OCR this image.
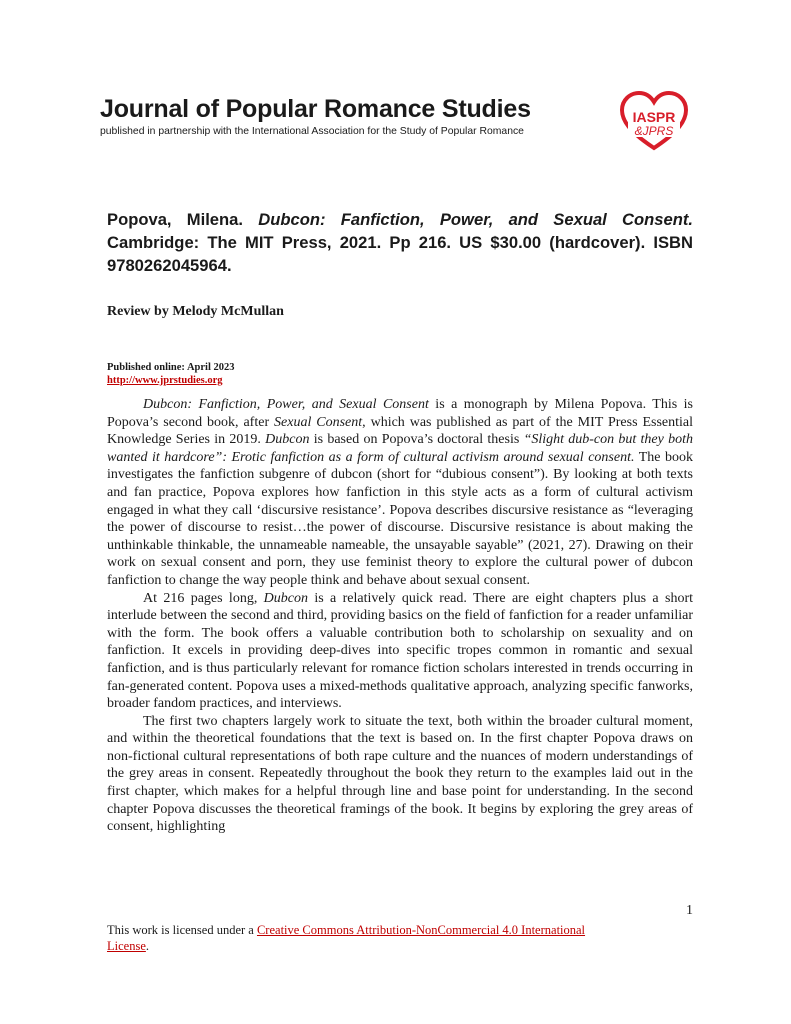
Journal of Popular Romance Studies
published in partnership with the International Association for the Study of Popular Romance
IASPR
&JPRS

Popova, Milena. Dubcon: Fanfiction, Power, and Sexual Consent. Cambridge: The MIT Press, 2021. Pp 216. US $30.00 (hardcover). ISBN 9780262045964.

Review by Melody McMullan
Published online: April 2023
http://www.jprstudies.org

Dubcon: Fanfiction, Power, and Sexual Consent is a monograph by Milena Popova. This is Popova’s second book, after Sexual Consent, which was published as part of the MIT Press Essential Knowledge Series in 2019. Dubcon is based on Popova’s doctoral thesis “Slight dub-con but they both wanted it hardcore”: Erotic fanfiction as a form of cultural activism around sexual consent. The book investigates the fanfiction subgenre of dubcon (short for “dubious consent”). By looking at both texts and fan practice, Popova explores how fanfiction in this style acts as a form of cultural activism engaged in what they call ‘discursive resistance’. Popova describes discursive resistance as “leveraging the power of discourse to resist…the power of discourse. Discursive resistance is about making the unthinkable thinkable, the unnameable nameable, the unsayable sayable” (2021, 27). Drawing on their work on sexual consent and porn, they use feminist theory to explore the cultural power of dubcon fanfiction to change the way people think and behave about sexual consent.

At 216 pages long, Dubcon is a relatively quick read. There are eight chapters plus a short interlude between the second and third, providing basics on the field of fanfiction for a reader unfamiliar with the form. The book offers a valuable contribution both to scholarship on sexuality and on fanfiction. It excels in providing deep-dives into specific tropes common in romantic and sexual fanfiction, and is thus particularly relevant for romance fiction scholars interested in trends occurring in fan-generated content. Popova uses a mixed-methods qualitative approach, analyzing specific fanworks, broader fandom practices, and interviews.

The first two chapters largely work to situate the text, both within the broader cultural moment, and within the theoretical foundations that the text is based on. In the first chapter Popova draws on non-fictional cultural representations of both rape culture and the nuances of modern understandings of the grey areas in consent. Repeatedly throughout the book they return to the examples laid out in the first chapter, which makes for a helpful through line and base point for understanding. In the second chapter Popova discusses the theoretical framings of the book. It begins by exploring the grey areas of consent, highlighting

1
This work is licensed under a Creative Commons Attribution-NonCommercial 4.0 International License.
